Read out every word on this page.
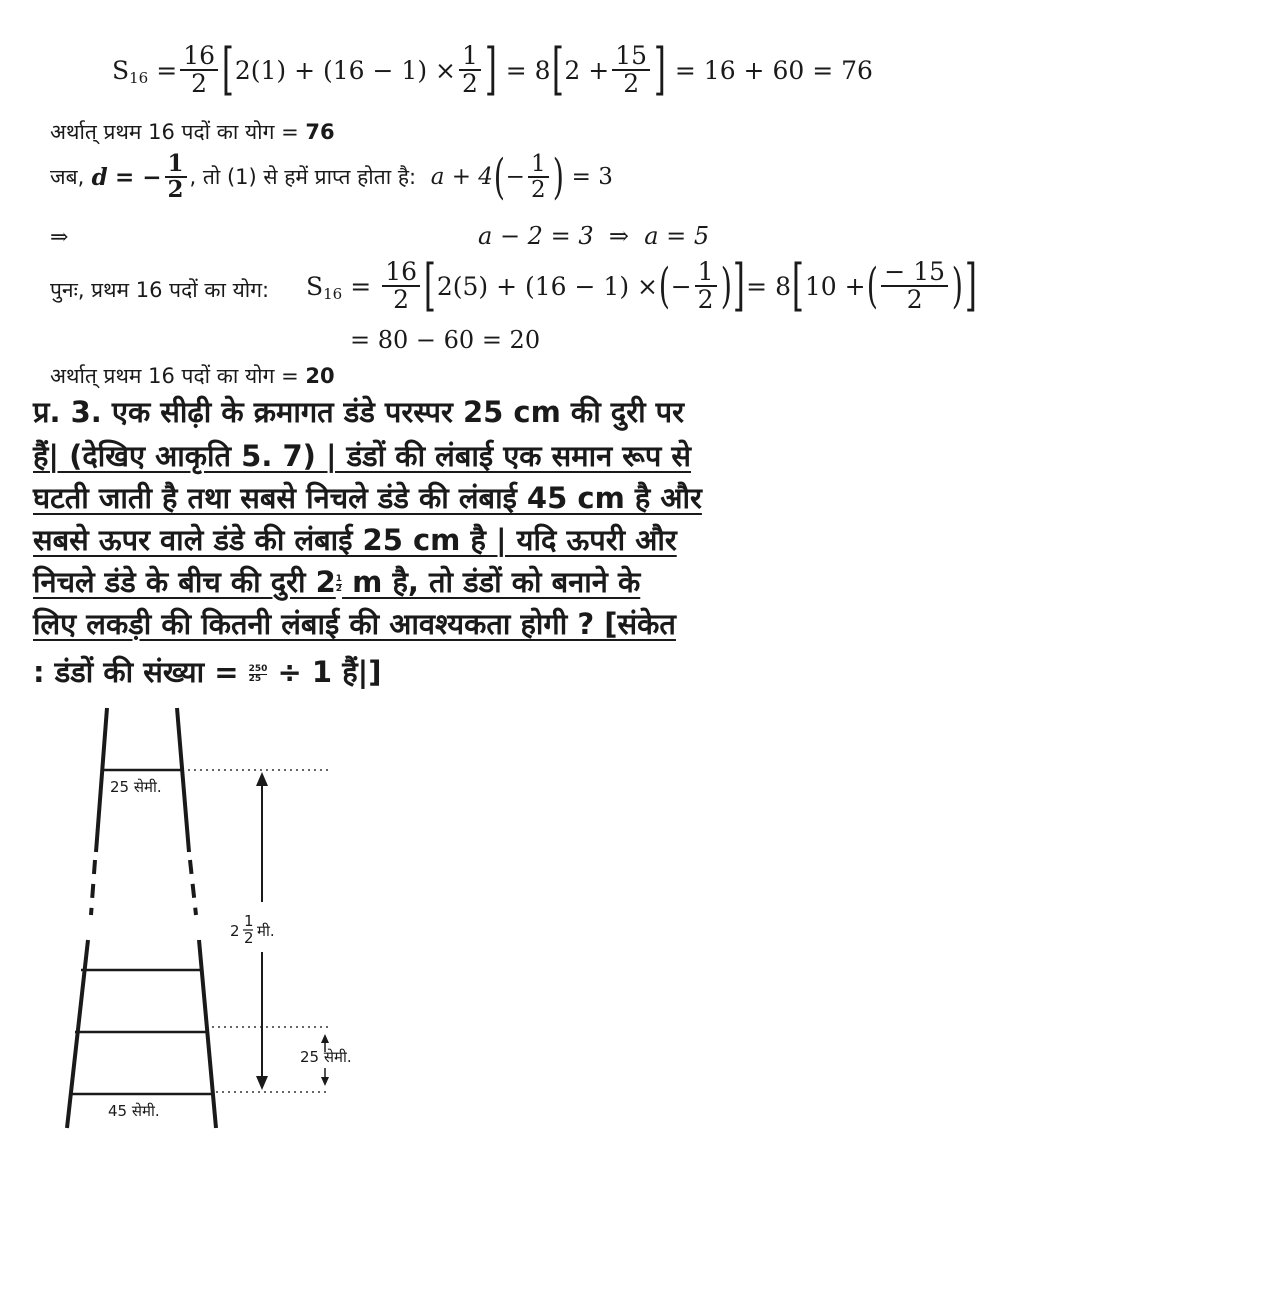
S $16 = \frac{16}{2}$ [ $2(1) + (16 - 1) \times \frac{1}{2}$ ] = 8 [ $2 + \frac{15}{2}$ ] = 16 + 60 = 76
अर्थात् प्रथम 16 पदों का योग = 76
जब,
d
= − $\frac{1}{2}$ , तो (1) से हमें प्राप्त होता है:
a + 4 ( − $\frac{1}{2}$ )
= 3
⇒	a − 2 = 3  ⇒  a = 5
पुनः, प्रथम 16 पदों का योग: S $16 = \frac{16}{2}$ [ 2(5) + (16 − 1) × ( − $\frac{1}{2}$ ) ] = 8 [ 10 + ( $\frac{- 15}{2}$ ) ]
= 80 − 60 = 20
अर्थात् प्रथम 16 पदों का योग = 20
प्र. 3. एक सीढ़ी के क्रमागत डंडे परस्पर 25 cm की दुरी पर
हैं| (देखिए आकृति 5. 7) | डंडों की लंबाई एक समान रूप से
घटती जाती है तथा सबसे निचले डंडे की लंबाई 45 cm है और
सबसे ऊपर वाले डंडे की लंबाई 25 cm है | यदि ऊपरी और
निचले डंडे के बीच की दुरी $2 \frac{1}{2}$ m है, तो डंडों को बनाने के
लिए लकड़ी की कितनी लंबाई की आवश्यकता होगी ? [संकेत
: डंडों की संख्या = $\frac{250}{25} \div 1$ हैं|]
25 सेमी.
45 सेमी.
25 सेमी.
2
1
2 मी.
